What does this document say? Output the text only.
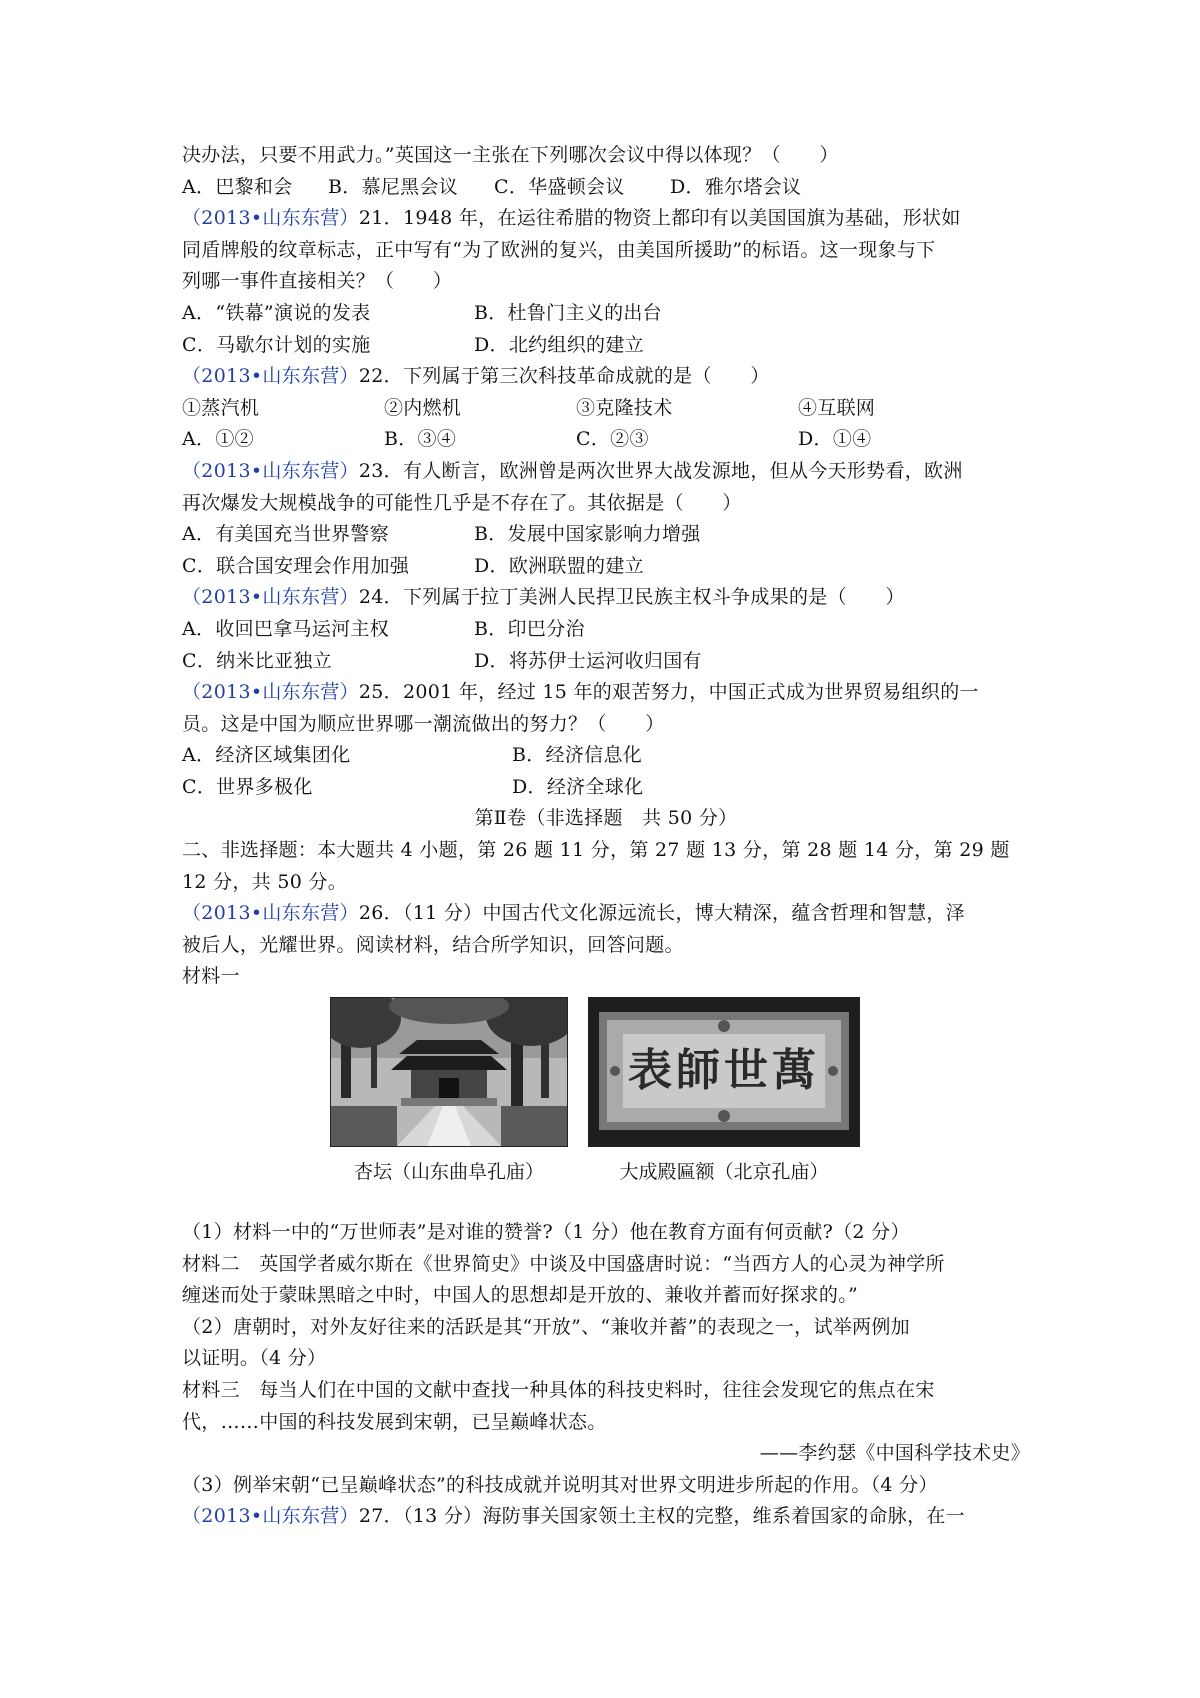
决办法，只要不用武力。”英国这一主张在下列哪次会议中得以体现？（　　）
A．巴黎和会	B．慕尼黑会议	C．华盛顿会议	D．雅尔塔会议
（2013•山东东营）21．1948 年，在运往希腊的物资上都印有以美国国旗为基础，形状如
同盾牌般的纹章标志，正中写有“为了欧洲的复兴，由美国所援助”的标语。这一现象与下
列哪一事件直接相关？（　　）
A．“铁幕”演说的发表	B．杜鲁门主义的出台
C．马歇尔计划的实施	D．北约组织的建立
（2013•山东东营）22．下列属于第三次科技革命成就的是（　　）
①蒸汽机	②内燃机	③克隆技术	④互联网
A．①②	B．③④	C．②③	D．①④
（2013•山东东营）23．有人断言，欧洲曾是两次世界大战发源地，但从今天形势看，欧洲
再次爆发大规模战争的可能性几乎是不存在了。其依据是（　　）
A．有美国充当世界警察	B．发展中国家影响力增强
C．联合国安理会作用加强	D．欧洲联盟的建立
（2013•山东东营）24．下列属于拉丁美洲人民捍卫民族主权斗争成果的是（　　）
A．收回巴拿马运河主权	B．印巴分治
C．纳米比亚独立	D．将苏伊士运河收归国有
（2013•山东东营）25．2001 年，经过 15 年的艰苦努力，中国正式成为世界贸易组织的一
员。这是中国为顺应世界哪一潮流做出的努力？（　　）
A．经济区域集团化	B．经济信息化
C．世界多极化	D．经济全球化
第Ⅱ卷（非选择题　共 50 分）
二、非选择题：本大题共 4 小题，第 26 题 11 分，第 27 题 13 分，第 28 题 14 分，第 29 题
12 分，共 50 分。
（2013•山东东营）26．（11 分）中国古代文化源远流长，博大精深，蕴含哲理和智慧，泽
被后人，光耀世界。阅读材料，结合所学知识，回答问题。
材料一
杏坛（山东曲阜孔庙）
表師世萬
大成殿匾额（北京孔庙）
（1）材料一中的“万世师表”是对谁的赞誉?（1 分）他在教育方面有何贡献?（2 分）
材料二　英国学者威尔斯在《世界简史》中谈及中国盛唐时说：“当西方人的心灵为神学所
缠迷而处于蒙昧黑暗之中时，中国人的思想却是开放的、兼收并蓄而好探求的。”
（2）唐朝时，对外友好往来的活跃是其“开放”、“兼收并蓄”的表现之一，试举两例加
以证明。（4 分）
材料三　每当人们在中国的文献中查找一种具体的科技史料时，往往会发现它的焦点在宋
代，……中国的科技发展到宋朝，已呈巅峰状态。
——李约瑟《中国科学技术史》
（3）例举宋朝“已呈巅峰状态”的科技成就并说明其对世界文明进步所起的作用。（4 分）
（2013•山东东营）27．（13 分）海防事关国家领土主权的完整，维系着国家的命脉，在一
